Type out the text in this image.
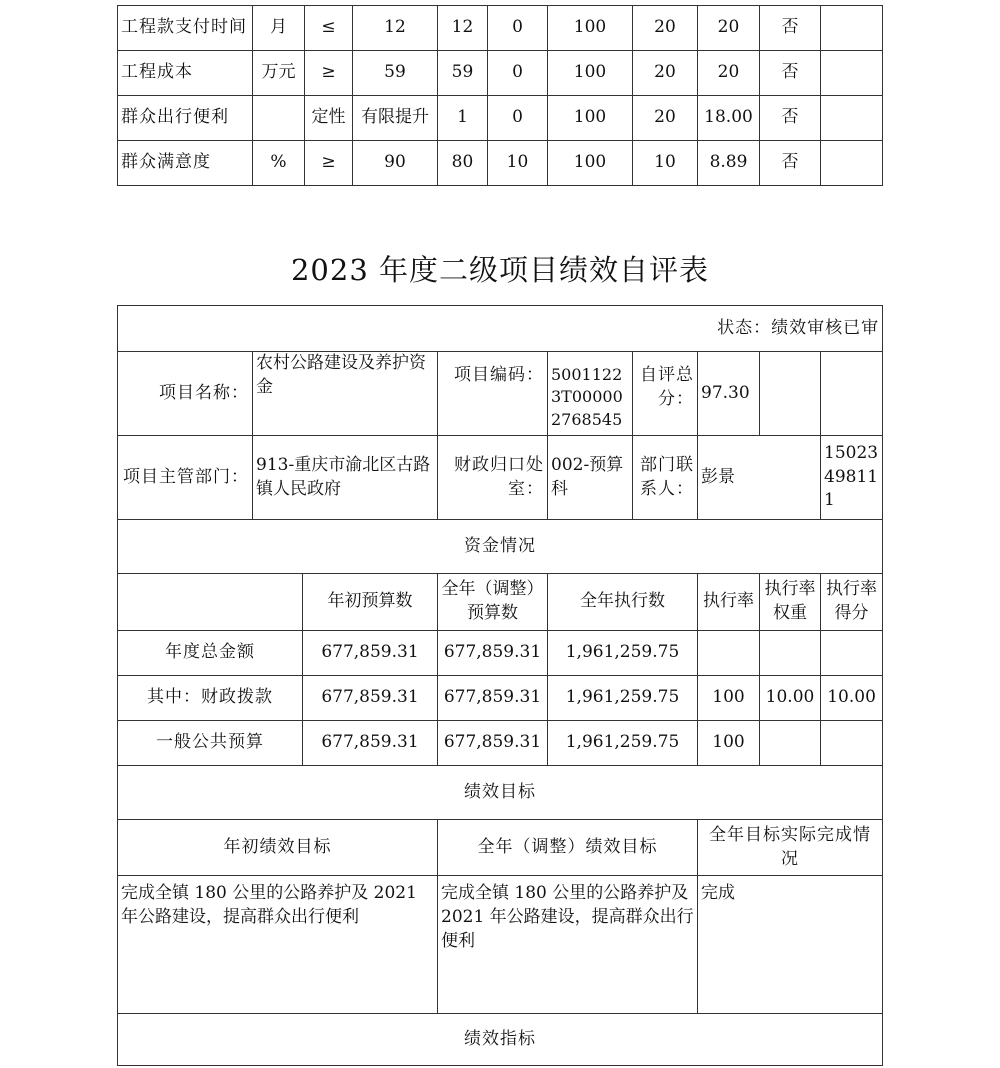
工程款支付时间	月	≤	12	12	0	100	20	20	否	
工程成本	万元	≥	59	59	0	100	20	20	否	
群众出行便利		定性	有限提升	1	0	100	20	18.00	否	
群众满意度	%	≥	90	80	10	100	10	8.89	否	
2023 年度二级项目绩效自评表
状态：绩效审核已审								
项目名称：	农村公路建设及养护资金		项目编码：	50011223T000002768545	自评总分：	97.30		
项目主管部门：	913-重庆市渝北区古路镇人民政府		财政归口处室：	002-预算科	部门联系人：	彭景		15023498111
资金情况								
		年初预算数	全年（调整）预算数	全年执行数		执行率	执行率权重	执行率得分
年度总金额		677,859.31	677,859.31	1,961,259.75				
其中：财政拨款		677,859.31	677,859.31	1,961,259.75		100	10.00	10.00
一般公共预算		677,859.31	677,859.31	1,961,259.75		100		
绩效目标								
年初绩效目标			全年（调整）绩效目标			全年目标实际完成情况		
完成全镇 180 公里的公路养护及 2021 年公路建设，提高群众出行便利			完成全镇 180 公里的公路养护及 2021 年公路建设，提高群众出行便利			完成		
绩效指标								
